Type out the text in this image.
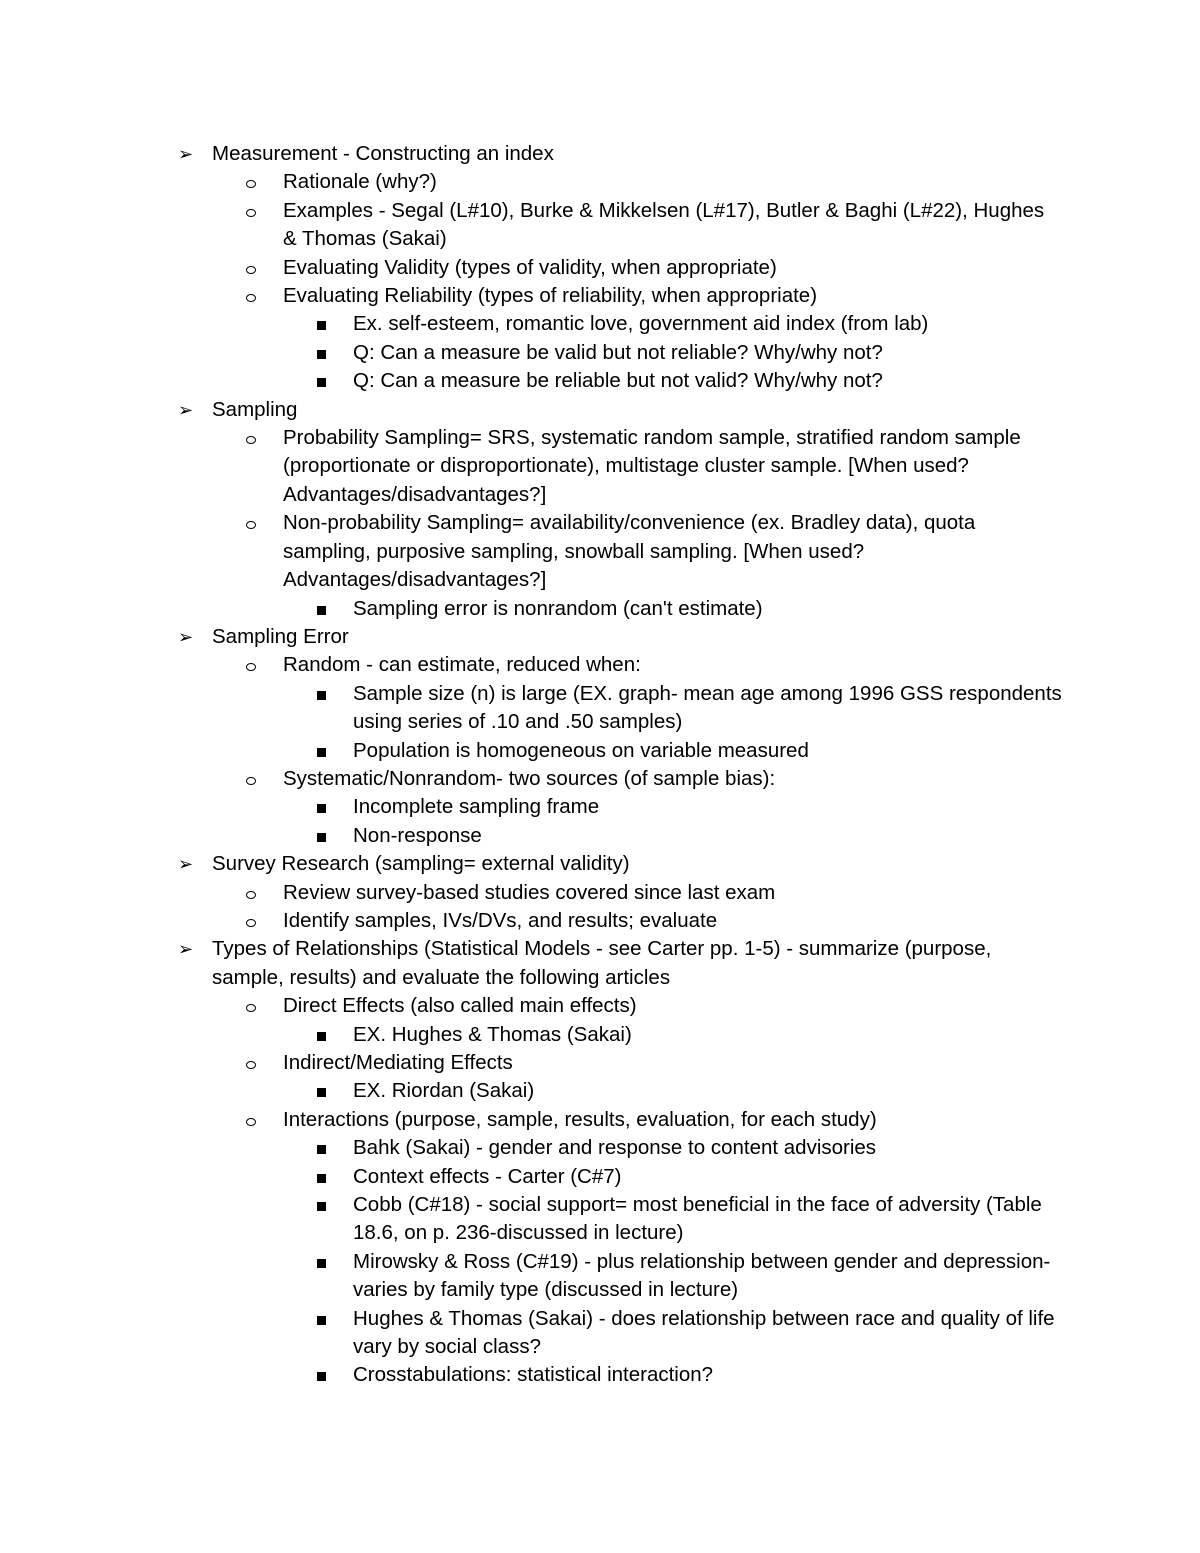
➢ Measurement - Constructing an index
Rationale (why?)
Examples - Segal (L#10), Burke & Mikkelsen (L#17), Butler & Baghi (L#22), Hughes & Thomas (Sakai)
Evaluating Validity (types of validity, when appropriate)
Evaluating Reliability (types of reliability, when appropriate)
Ex. self-esteem, romantic love, government aid index (from lab)
Q: Can a measure be valid but not reliable? Why/why not?
Q: Can a measure be reliable but not valid? Why/why not?
➢ Sampling
Probability Sampling= SRS, systematic random sample, stratified random sample (proportionate or disproportionate), multistage cluster sample. [When used? Advantages/disadvantages?]
Non-probability Sampling= availability/convenience (ex. Bradley data), quota sampling, purposive sampling, snowball sampling. [When used? Advantages/disadvantages?]
Sampling error is nonrandom (can't estimate)
➢ Sampling Error
Random - can estimate, reduced when:
Sample size (n) is large (EX. graph- mean age among 1996 GSS respondents using series of .10 and .50 samples)
Population is homogeneous on variable measured
Systematic/Nonrandom- two sources (of sample bias):
Incomplete sampling frame
Non-response
➢ Survey Research (sampling= external validity)
Review survey-based studies covered since last exam
Identify samples, IVs/DVs, and results; evaluate
➢ Types of Relationships (Statistical Models - see Carter pp. 1-5) - summarize (purpose, sample, results) and evaluate the following articles
Direct Effects (also called main effects)
EX. Hughes & Thomas (Sakai)
Indirect/Mediating Effects
EX. Riordan (Sakai)
Interactions (purpose, sample, results, evaluation, for each study)
Bahk (Sakai) - gender and response to content advisories
Context effects - Carter (C#7)
Cobb (C#18) - social support= most beneficial in the face of adversity (Table 18.6, on p. 236-discussed in lecture)
Mirowsky & Ross (C#19) - plus relationship between gender and depression- varies by family type (discussed in lecture)
Hughes & Thomas (Sakai) - does relationship between race and quality of life vary by social class?
Crosstabulations: statistical interaction?
